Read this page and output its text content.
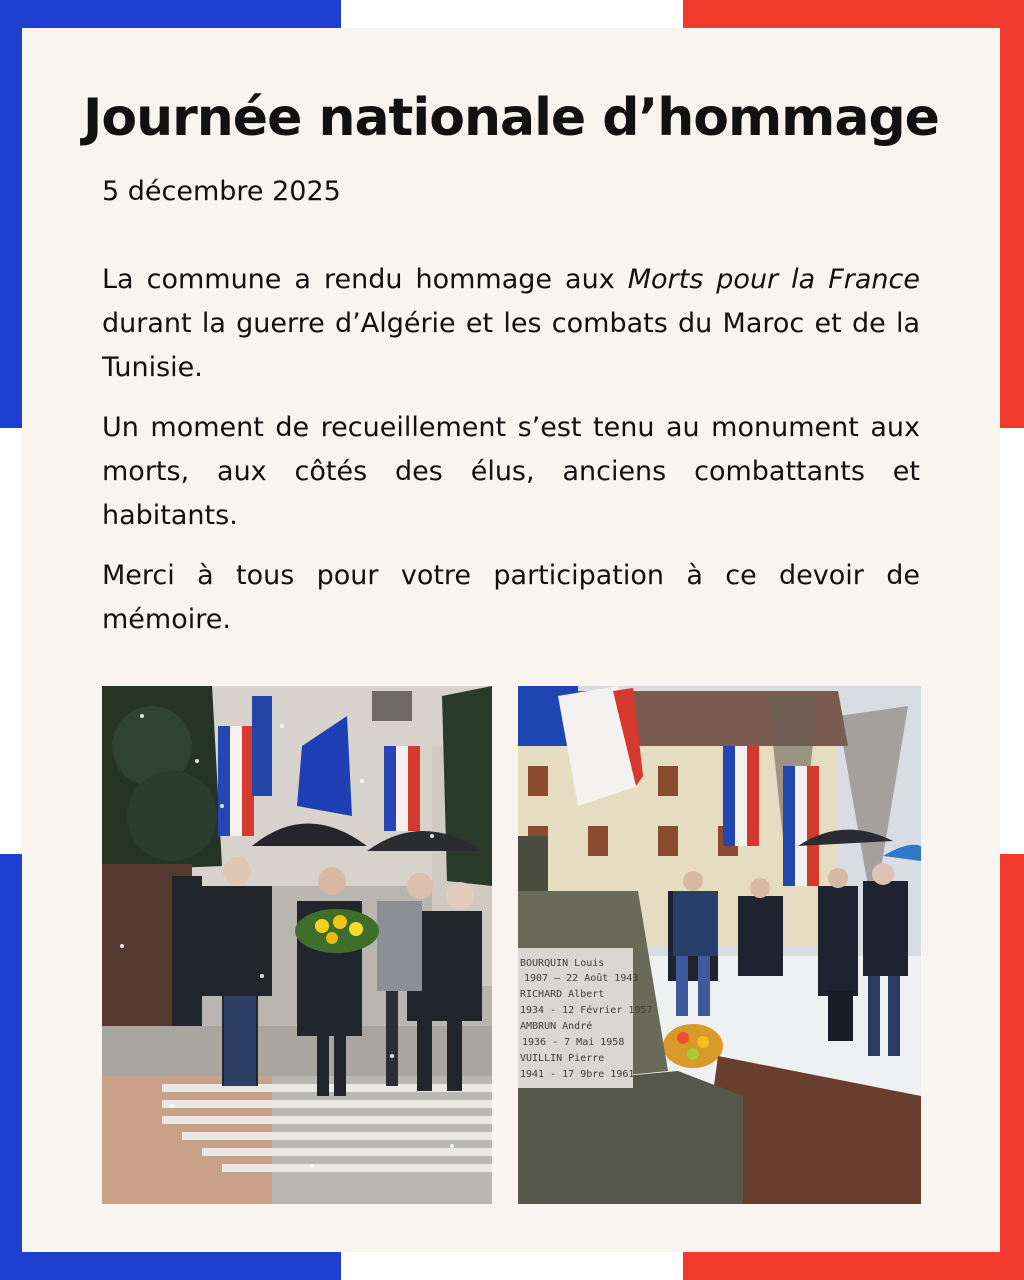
Journée nationale d’hommage

5 décembre 2025

La commune a rendu hommage aux Morts pour la France durant la guerre d’Algérie et les combats du Maroc et de la Tunisie.

Un moment de recueillement s’est tenu au monument aux morts, aux côtés des élus, anciens combattants et habitants.

Merci à tous pour votre participation à ce devoir de mémoire.

BOURQUIN Louis
1907 — 22 Août 1943
RICHARD Albert
1934 - 12 Février 1957
AMBRUN André
1936 - 7 Mai 1958
VUILLIN Pierre
1941 - 17 9bre 1961
